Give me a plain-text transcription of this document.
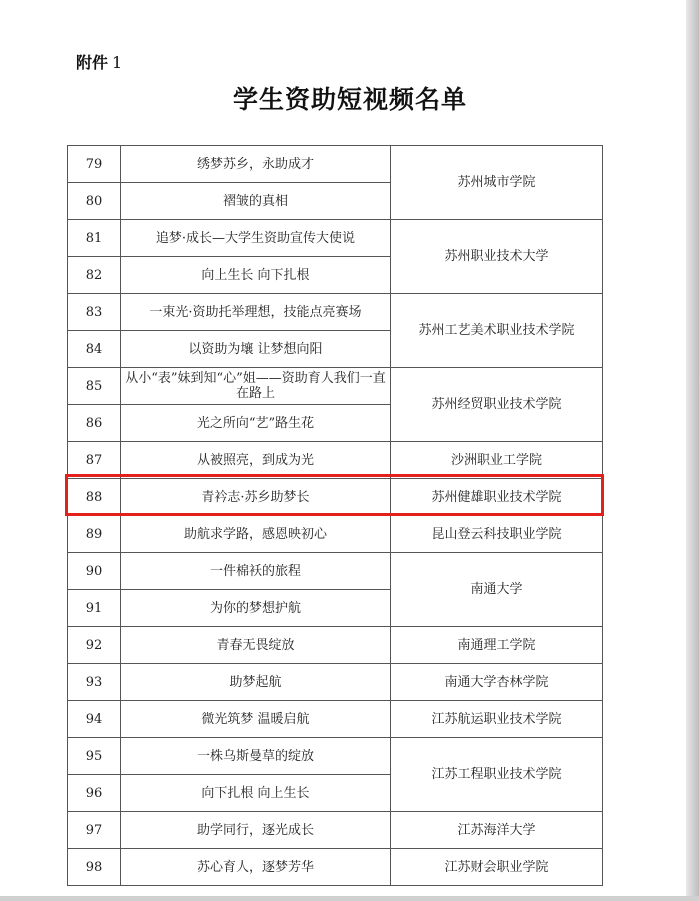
附件 1
学生资助短视频名单
79	绣梦苏乡，永助成才	苏州城市学院
80	褶皱的真相	
81	追梦·成长—大学生资助宣传大使说	苏州职业技术大学
82	向上生长 向下扎根	
83	一束光·资助托举理想，技能点亮赛场	苏州工艺美术职业技术学院
84	以资助为壤 让梦想向阳	
85	从小“表”妹到知“心”姐——资助育人我们一直在路上	苏州经贸职业技术学院
86	光之所向“艺”路生花	
87	从被照亮，到成为光	沙洲职业工学院
88	青衿志·苏乡助梦长	苏州健雄职业技术学院
89	助航求学路，感恩映初心	昆山登云科技职业学院
90	一件棉袄的旅程	南通大学
91	为你的梦想护航	
92	青春无畏绽放	南通理工学院
93	助梦起航	南通大学杏林学院
94	微光筑梦 温暖启航	江苏航运职业技术学院
95	一株乌斯曼草的绽放	江苏工程职业技术学院
96	向下扎根 向上生长	
97	助学同行，逐光成长	江苏海洋大学
98	苏心育人，逐梦芳华	江苏财会职业学院
